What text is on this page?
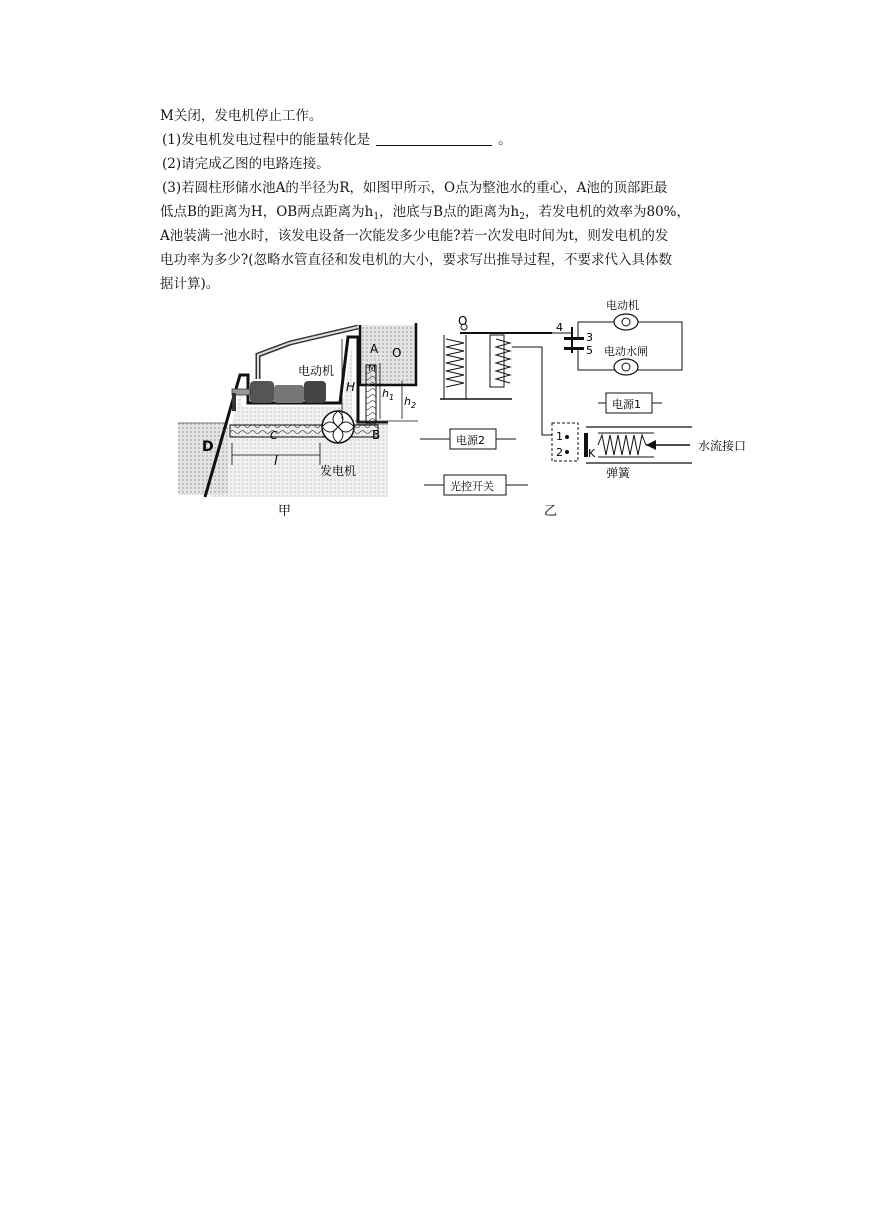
M关闭，发电机停止工作。
(1)发电机发电过程中的能量转化是	。
(2)请完成乙图的电路连接。
(3)若圆柱形储水池A的半径为R，如图甲所示，O点为整池水的重心，A池的顶部距最
低点B的距离为H，OB两点距离为$h_1$，池底与B点的距离为$h_2$，若发电机的效率为80%，
A池装满一池水时，该发电设备一次能发多少电能?若一次发电时间为t，则发电机的发
电功率为多少?(忽略水管直径和发电机的大小，要求写出推导过程，不要求代入具体数
据计算)。
电动机
发电机
A O
M
B
C
D
H $h_1$ $h_2$
l
甲
O	4
3
5
电动机
电动水闸
电源1
电源2
光控开关
1
2 K
弹簧
水流接口
乙
